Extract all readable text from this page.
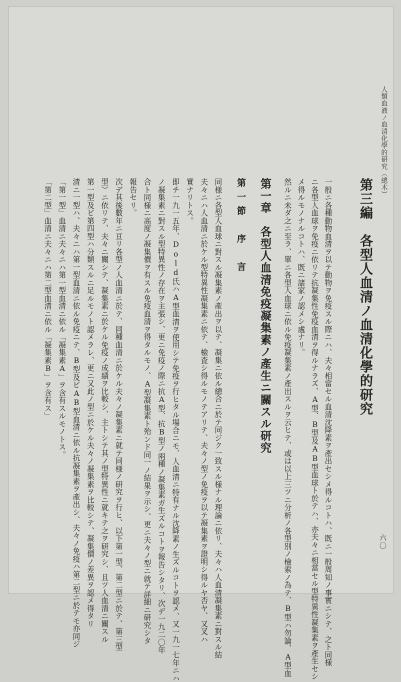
人類血液ノ血清化學的研究（總木）
第三編　各型人血清ノ血清化學的研究
一般ニ各種動物血清ヲ以テ動物ヲ免疫スル際ニハ、夫々相當セル血清沈降素ヲ產出セシメ得ルコトハ、既ニ一般周知ノ事實ニシテ、之ト同様
ニ各型人血球ヲ免疫ニ依リテ抗凝集性免疫血清ヲ得ルナラズ、A型、B型及AB型血球ト於テハ、亦夫々ニ相當セル型特異性凝集素ヲ產生セシ
メ得ルモノナルコトハ、既ニ諸家ノ認メシ處ナリ。
然ルニ未ダ之ニ至ラ、單ニ各型人血球ニ依ル免疫凝集素ノ產出スルヲ云ヒテ、或は以上三ツニ分析ノ各型別ノ檢索ノ為テ、B型ハ勿論、A型血
第一章　各型人血清免疫凝集素ノ產生ニ關スル研究
第一節　序　言
同様ニ各型人血球ニ對スル凝集素ノ產出ヲ以テ、凝集ニ依ル總合ニ於テ同ジク一致スル様ナル理論ニ依リ、夫々ハ人血清凝集素ニ對スル結
夫々ニハ人血清ニ於ケル型特異性凝集素ニ依テ、檢査シ得ルモノテアリテ、夫々ノ型ノ免疫ヲ以テ凝集素ヲ證明シ得ルヤ否ヤ、又叉ハ
實ナリトス。
即チ一九一五年、Dold氏ハA型血清ヲ使用シテ免疫ヲ行ヒタル場合ニモ、人血清ニ特有ナル沈降素ノ生ズルコトヲ認メ、又一九一七年ニハ
ノ凝集素ニ對スル型特異性ノ存在ヲ主張シ、更ニ免疫ノ際ニ抗A型、抗B型ノ兩種ノ凝集素ガ生ズルコトヲ報告シタリ、次デ一九二〇年
合ト同様ニ高度ノ凝集價ヲ有スル免疫血清ヲ得タルモノ、A型凝集素ト殆ンド同一ノ結果ヲ示シ、更ニ夫々ノ型ニ就テ詳細ニ研究シタ
報告セリ。
次デ其後數年ニ亘リ各型ノ人血清ニ於テ、同種血清ニ於ケル夫々ノ凝集素ニ就テ同様ノ研究ヲ行ヒ、以下第一型、第二型ニ於テ、第三型
型）ニ依リテ、夫々ニ關シテ、凝集素ニ於ケル免疫ノ成績ヲ比較シ、主トシテ其ノ型特異性ニ就キテ之ヲ研究シ、且ツ人血清ニ關スル
第一型及ビ第四型ハ分類スルニ足ルモノト認メラレ、更ニ又此ノ型ニ於ケル夫々ノ凝集素ヲ比較シテ、凝集價ノ差異ヲ認メ得タリ
清ニ一型ハ、夫々ニハ第一型血清ニ依ル免疫ニテ、B型及ビAB型血清ニ依ル抗凝集素ヲ產出シ、夫々ノ免疫ハ第二型ニ於テモ亦同ジ
「第一型」血清ニ夫々ニハ第一型血清ニ依ル「凝集素A」ヲ含有スルモノトス。
「第二型」血清ニ夫々ニハ第二型血清ニ依ル「凝集素B」ヲ含有ス」
六〇
